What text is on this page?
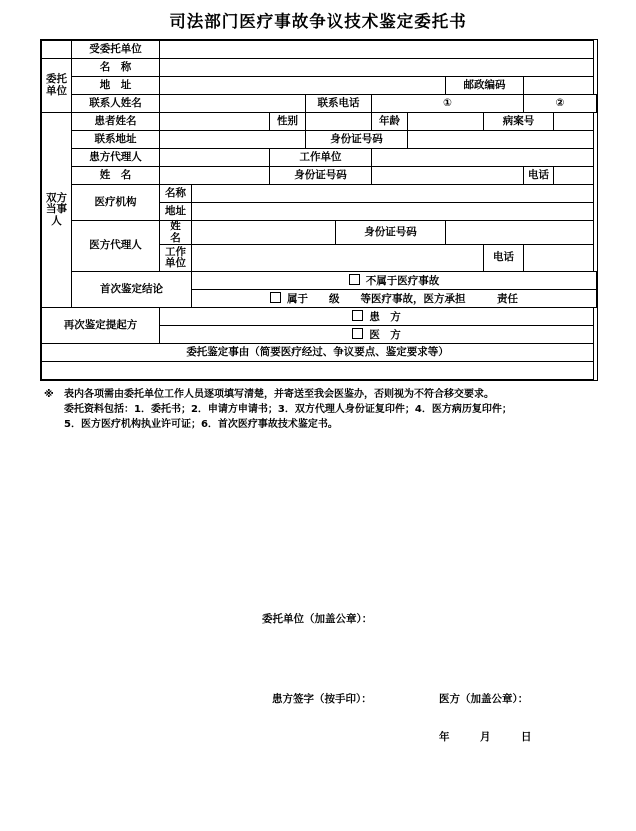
司法部门医疗事故争议技术鉴定委托书
	受委托单位											

委托单位	名　称											
	地　址								邮政编码			
	联系人姓名				联系电话		①				②	

双方当事人	患者姓名			性别			年龄			病案号		
	联系地址				身份证号码							
	患方代理人			工作单位								
	姓　名			身份证号码							电话	
	医疗机构	名称										
		地址										
	医方代理人	姓　名				身份证号码						
		工作单位								电话		
	首次鉴定结论		不属于医疗事故									
			属于　　级　　等医疗事故，医方承担　　　责任									
再次鉴定提起方		患　方										
		医　方										
委托鉴定事由（简要医疗经过、争议要点、鉴定要求等）												

委托单位（加盖公章）：
患方签字（按手印）： 医方（加盖公章）：
年　月　日												
※ 表内各项需由委托单位工作人员逐项填写清楚，并寄送至我会医鉴办，否则视为不符合移交要求。
委托资料包括：1．委托书；2．申请方申请书；3．双方代理人身份证复印件；4．医方病历复印件；
5．医方医疗机构执业许可证；6．首次医疗事故技术鉴定书。
